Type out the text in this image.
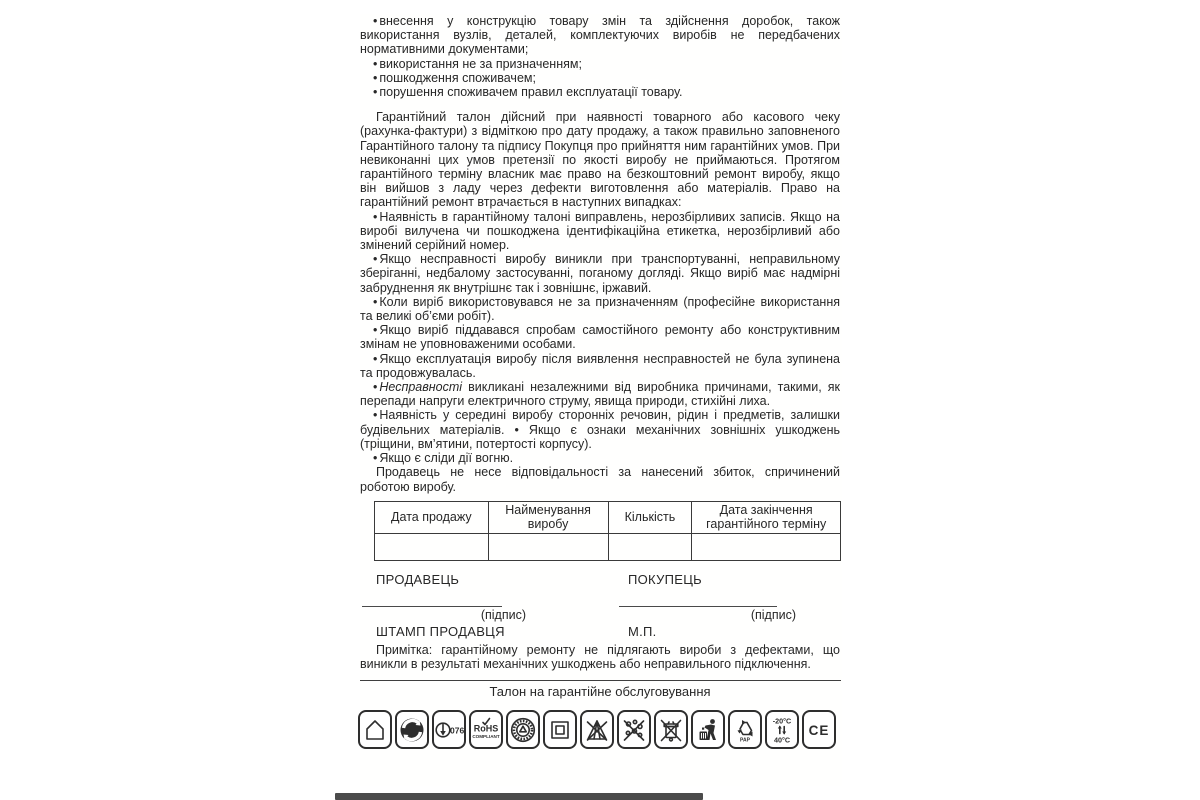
• внесення у конструкцію товару змін та здійснення доробок, також використання вузлів, деталей, комплектуючих виробів не передбачених нормативними документами;

• використання не за призначенням;

• пошкодження споживачем;

• порушення споживачем правил експлуатації товару.

Гарантійний талон дійсний при наявності товарного або касового чеку (рахунка-фактури) з відміткою про дату продажу, а також правильно заповненого Гарантійного талону та підпису Покупця про прийняття ним гарантійних умов. При невиконанні цих умов претензії по якості виробу не приймаються. Протягом гарантійного терміну власник має право на безкоштовний ремонт виробу, якщо він вийшов з ладу через дефекти виготовлення або матеріалів. Право на гарантійний ремонт втрачається в наступних випадках:

• Наявність в гарантійному талоні виправлень, нерозбірливих записів. Якщо на виробі вилучена чи пошкоджена ідентифікаційна етикетка, нерозбірливий або змінений серійний номер.

• Якщо несправності виробу виникли при транспортуванні, неправильному зберіганні, недбалому застосуванні, поганому догляді. Якщо виріб має надмірні забруднення як внутрішнє так і зовнішнє, іржавий.

• Коли виріб використовувався не за призначенням (професійне використання та великі об’єми робіт).

• Якщо виріб піддавався спробам самостійного ремонту або конструктивним змінам не уповноваженими особами.

• Якщо експлуатація виробу після виявлення несправностей не була зупинена та продовжувалась.

• Несправності викликані незалежними від виробника причинами, такими, як перепади напруги електричного струму, явища природи, стихійні лиха.

• Наявність у середині виробу сторонніх речовин, рідин і предметів, залишки будівельних матеріалів. • Якщо є ознаки механічних зовнішніх ушкоджень (тріщини, вм’ятини, потертості корпусу).

• Якщо є сліди дії вогню.

Продавець не несе відповідальності за нанесений збиток, спричинений роботою виробу.

Дата продажу	Найменування виробу	Кількість	Дата закінчення гарантійного терміну

ПРОДАВЕЦЬ
(підпис)
ШТАМП ПРОДАВЦЯ
ПОКУПЕЦЬ
(підпис)
М.П.

Примітка: гарантійному ремонту не підлягають вироби з дефектами, що виникли в результаті механічних ушкоджень або неправильного підключення.

Талон на гарантійне обслуговування
076 RoHS
COMPLIANT
PAP
-20°C
40°C
CE
